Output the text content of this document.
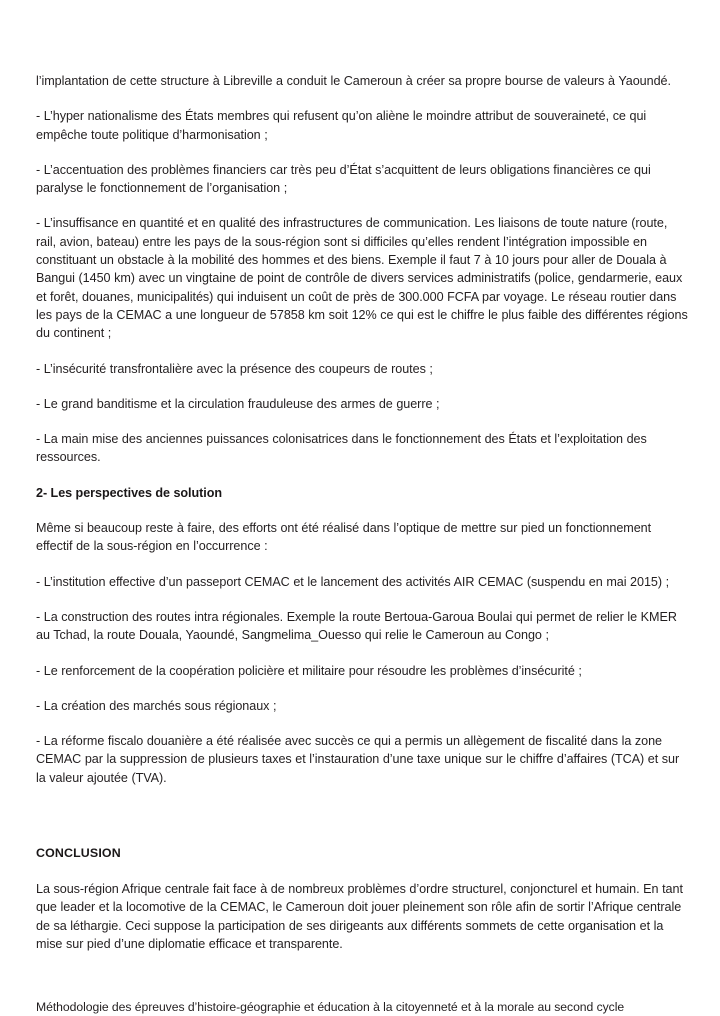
l’implantation de cette structure à Libreville a conduit le Cameroun à créer sa propre bourse de valeurs à Yaoundé.

- L’hyper nationalisme des États membres qui refusent qu’on aliène le moindre attribut de souveraineté, ce qui empêche toute politique d’harmonisation ;

- L’accentuation des problèmes financiers car très peu d’État s’acquittent de leurs obligations financières ce qui paralyse le fonctionnement de l’organisation ;

- L’insuffisance en quantité et en qualité des infrastructures de communication. Les liaisons de toute nature (route, rail, avion, bateau) entre les pays de la sous-région sont si difficiles qu’elles rendent l’intégration impossible en constituant un obstacle à la mobilité des hommes et des biens. Exemple il faut 7 à 10 jours pour aller de Douala à Bangui (1450 km) avec un vingtaine de point de contrôle de divers services administratifs (police, gendarmerie, eaux et forêt, douanes, municipalités) qui induisent un coût de près de 300.000 FCFA par voyage. Le réseau routier dans les pays de la CEMAC a une longueur de 57858 km soit 12% ce qui est le chiffre le plus faible des différentes régions du continent ;

- L’insécurité transfrontalière avec la présence des coupeurs de routes ;

- Le grand banditisme et la circulation frauduleuse des armes de guerre ;

- La main mise des anciennes puissances colonisatrices dans le fonctionnement des États et l’exploitation des ressources.

2- Les perspectives de solution

Même si beaucoup reste à faire, des efforts ont été réalisé dans l’optique de mettre sur pied un fonctionnement effectif de la sous-région en l’occurrence :

- L’institution effective d’un passeport CEMAC et le lancement des activités AIR CEMAC (suspendu en mai 2015) ;

- La construction des routes intra régionales. Exemple la route Bertoua-Garoua Boulai qui permet de relier le KMER au Tchad, la route Douala, Yaoundé, Sangmelima_Ouesso qui relie le Cameroun au Congo ;

- Le renforcement de la coopération policière et militaire pour résoudre les problèmes d’insécurité ;

- La création des marchés sous régionaux ;

- La réforme fiscalo douanière a été réalisée avec succès ce qui a permis un allègement de fiscalité dans la zone CEMAC par la suppression de plusieurs taxes et l’instauration d’une taxe unique sur le chiffre d’affaires (TCA) et sur la valeur ajoutée (TVA).

CONCLUSION

La sous-région Afrique centrale fait face à de nombreux problèmes d’ordre structurel, conjoncturel et humain. En tant que leader et la locomotive de la CEMAC, le Cameroun doit jouer pleinement son rôle afin de sortir l’Afrique centrale de sa léthargie. Ceci suppose la participation de ses dirigeants aux différents sommets de cette organisation et la mise sur pied d’une diplomatie efficace et transparente.

Méthodologie des épreuves d’histoire-géographie et éducation à la citoyenneté et à la morale au second cycle
